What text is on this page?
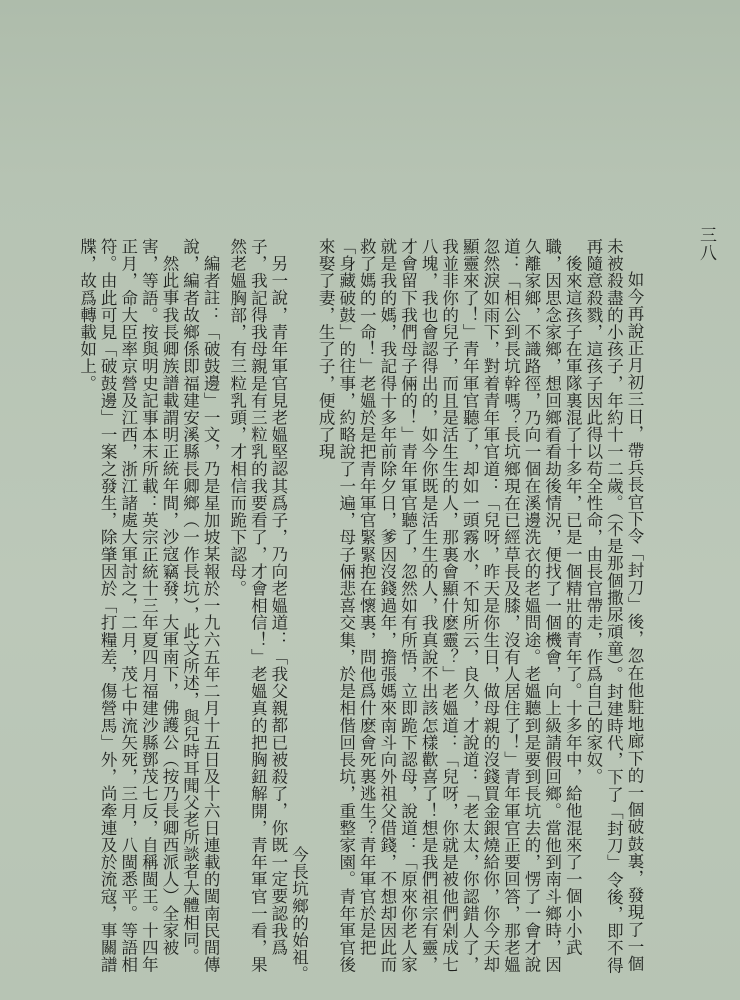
三八

如今再說正月初三日，帶兵長官下令「封刀」後，忽在他駐地廊下的一個破鼓裏，發現了一個未被殺盡的小孩子，年約十一二歲。（不是那個撒尿頑童）。封建時代，下了「封刀」令後，即不得再隨意殺戮，這孩子因此得以苟全性命，由長官帶走，作爲自己的家奴。

後來這孩子在軍隊裏混了十多年，已是一個精壯的青年了。十多年中，給他混來了一個小小武職，因思念家鄉，想回鄉看看劫後情況，便找了一個機會，向上級請假回鄉。當他到南斗鄉時，因久離家鄉，不識路徑，乃向一個在溪邊洗衣的老媼問途。老媼聽到是要到長坑去的，愣了一會才說道：「相公到長坑幹嗎？長坑鄉現在已經草長及膝，沒有人居住了！」青年軍官正要回答，那老媼忽然淚如雨下，對着青年軍官道：「兒呀，昨天是你生日，做母親的沒錢買金銀燒給你，你今天却顯靈來了！」青年軍官聽了，却如一頭霧水，不知所云，良久，才說道：「老太太，你認錯人了，我並非你的兒子，而且是活生生的人，那裏會顯什麽靈？」老媼道：「兒呀，你就是被他們剁成七八塊，我也會認得出的，如今你既是活生生的人，我真說不出該怎樣歡喜了！想是我們祖宗有靈，才會留下我們母子倆的！」青年軍官聽了，忽然如有所悟，立即跪下認母，說道：「原來你老人家就是我的媽，我記得十多年前除夕日，爹因沒錢過年，擔張媽來南斗向外祖父借錢，不想却因此而救了媽的一命！」老媼於是把青年軍官緊緊抱在懷裏，問他爲什麽會死裏逃生？青年軍官於是把「身藏破鼓」的往事，約略說了一遍，母子倆悲喜交集，於是相偕回長坑，重整家園。青年軍官後來娶了妻，生了子，便成了現

今長坑鄉的始祖。

另一說，青年軍官見老媼堅認其爲子，乃向老媼道：「我父親都已被殺了，你既一定要認我爲子，我記得我母親是有三粒乳的我要看了，才會相信！」老媼真的把胸鈕解開，青年軍官一看，果然老媼胸部，有三粒乳頭，才相信而跪下認母。

編者註：「破鼓邊」一文，乃是星加坡某報於一九六五年二月十五日及十六日連載的閩南民間傳說，編者故鄉係即福建安溪縣長卿鄉（一作長坑），此文所述，與兒時耳聞父老所談者大體相同。

然此事我長卿族譜載謂明正統年間，沙寇竊發，大軍南下，佛護公（按乃長卿西派人）全家被害，等語。按與明史記事本末所載：英宗正統十三年夏四月福建沙縣鄧茂七反，自稱閩王。十四年正月，命大臣率京營及江西，浙江諸處大軍討之，二月，茂七中流矢死，三月，八閩悉平。等語相符。由此可見「破鼓邊」一案之發生，除肇因於「打糧差，傷營馬」外，尚牽連及於流寇，事關譜牒，故爲轉載如上。
